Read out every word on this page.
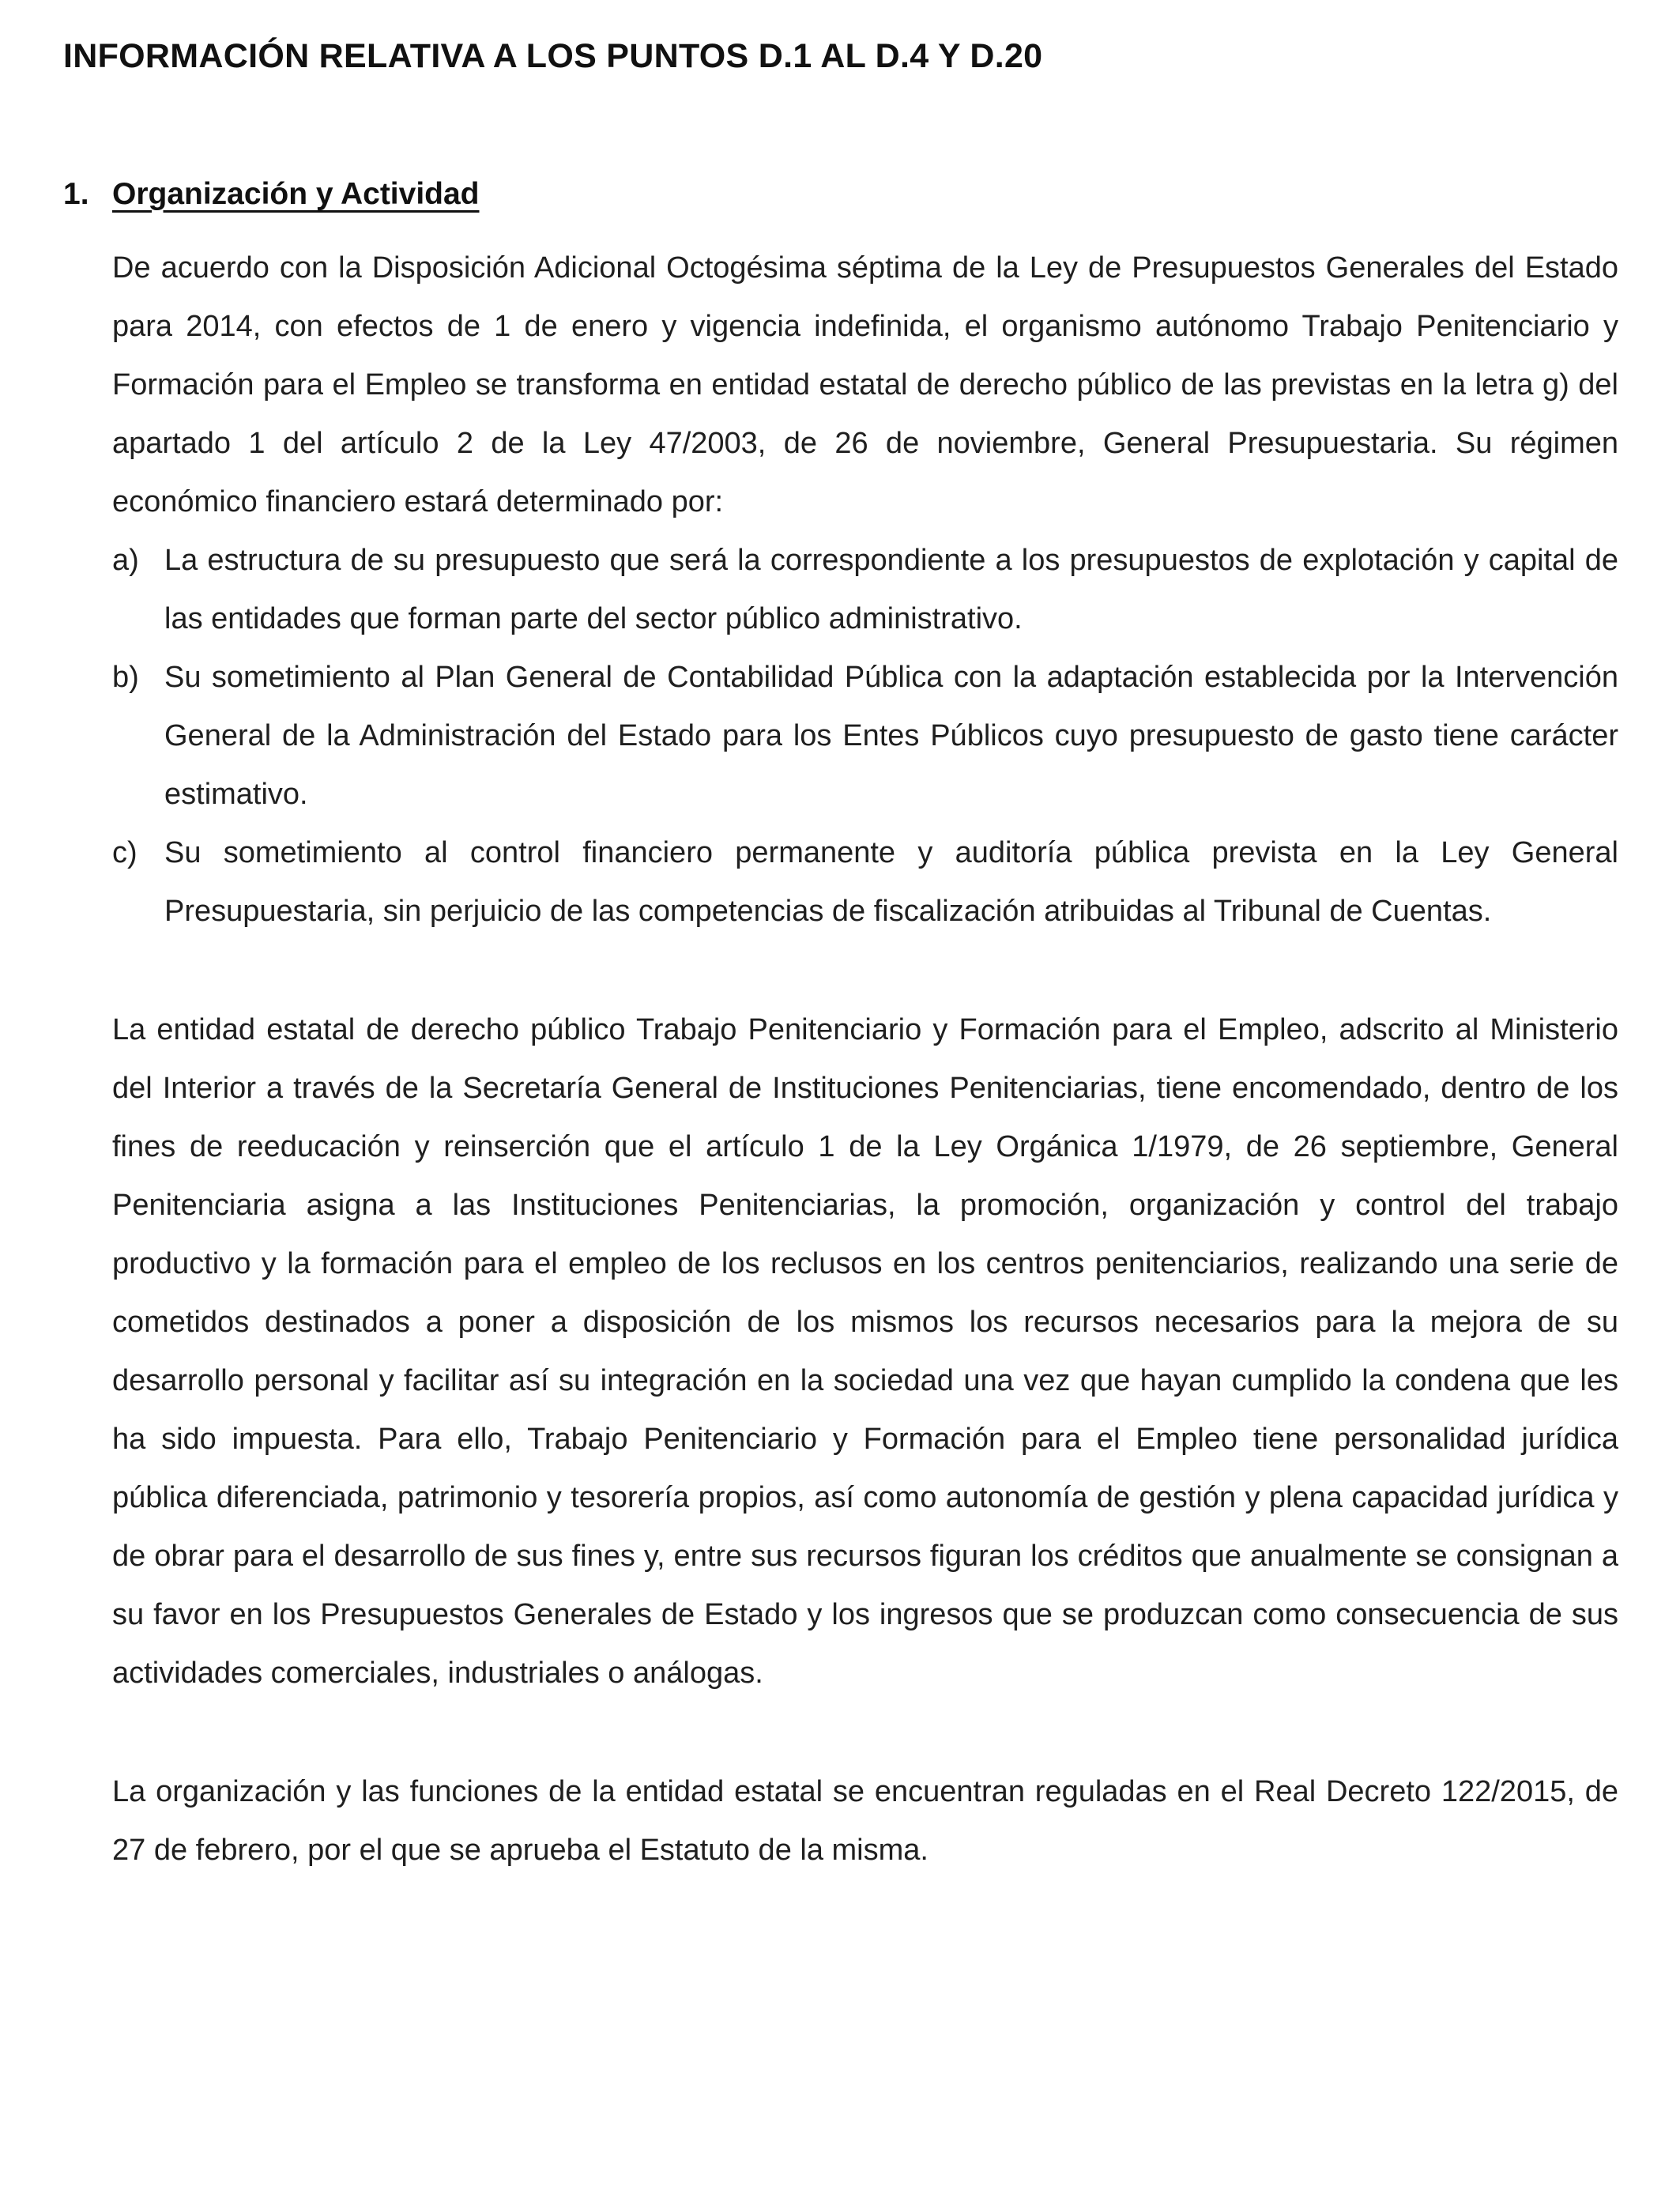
INFORMACIÓN RELATIVA A LOS PUNTOS D.1 AL D.4 Y D.20
1. Organización y Actividad

De acuerdo con la Disposición Adicional Octogésima séptima de la Ley de Presupuestos Generales del Estado para 2014, con efectos de 1 de enero y vigencia indefinida, el organismo autónomo Trabajo Penitenciario y Formación para el Empleo se transforma en entidad estatal de derecho público de las previstas en la letra g) del apartado 1 del artículo 2 de la Ley 47/2003, de 26 de noviembre, General Presupuestaria. Su régimen económico financiero estará determinado por:

a) La estructura de su presupuesto que será la correspondiente a los presupuestos de explotación y capital de las entidades que forman parte del sector público administrativo.
b) Su sometimiento al Plan General de Contabilidad Pública con la adaptación establecida por la Intervención General de la Administración del Estado para los Entes Públicos cuyo presupuesto de gasto tiene carácter estimativo.
c) Su sometimiento al control financiero permanente y auditoría pública prevista en la Ley General Presupuestaria, sin perjuicio de las competencias de fiscalización atribuidas al Tribunal de Cuentas.

La entidad estatal de derecho público Trabajo Penitenciario y Formación para el Empleo, adscrito al Ministerio del Interior a través de la Secretaría General de Instituciones Penitenciarias, tiene encomendado, dentro de los fines de reeducación y reinserción que el artículo 1 de la Ley Orgánica 1/1979, de 26 septiembre, General Penitenciaria asigna a las Instituciones Penitenciarias, la promoción, organización y control del trabajo productivo y la formación para el empleo de los reclusos en los centros penitenciarios, realizando una serie de cometidos destinados a poner a disposición de los mismos los recursos necesarios para la mejora de su desarrollo personal y facilitar así su integración en la sociedad una vez que hayan cumplido la condena que les ha sido impuesta. Para ello, Trabajo Penitenciario y Formación para el Empleo tiene personalidad jurídica pública diferenciada, patrimonio y tesorería propios, así como autonomía de gestión y plena capacidad jurídica y de obrar para el desarrollo de sus fines y, entre sus recursos figuran los créditos que anualmente se consignan a su favor en los Presupuestos Generales de Estado y los ingresos que se produzcan como consecuencia de sus actividades comerciales, industriales o análogas.

La organización y las funciones de la entidad estatal se encuentran reguladas en el Real Decreto 122/2015, de 27 de febrero, por el que se aprueba el Estatuto de la misma.
